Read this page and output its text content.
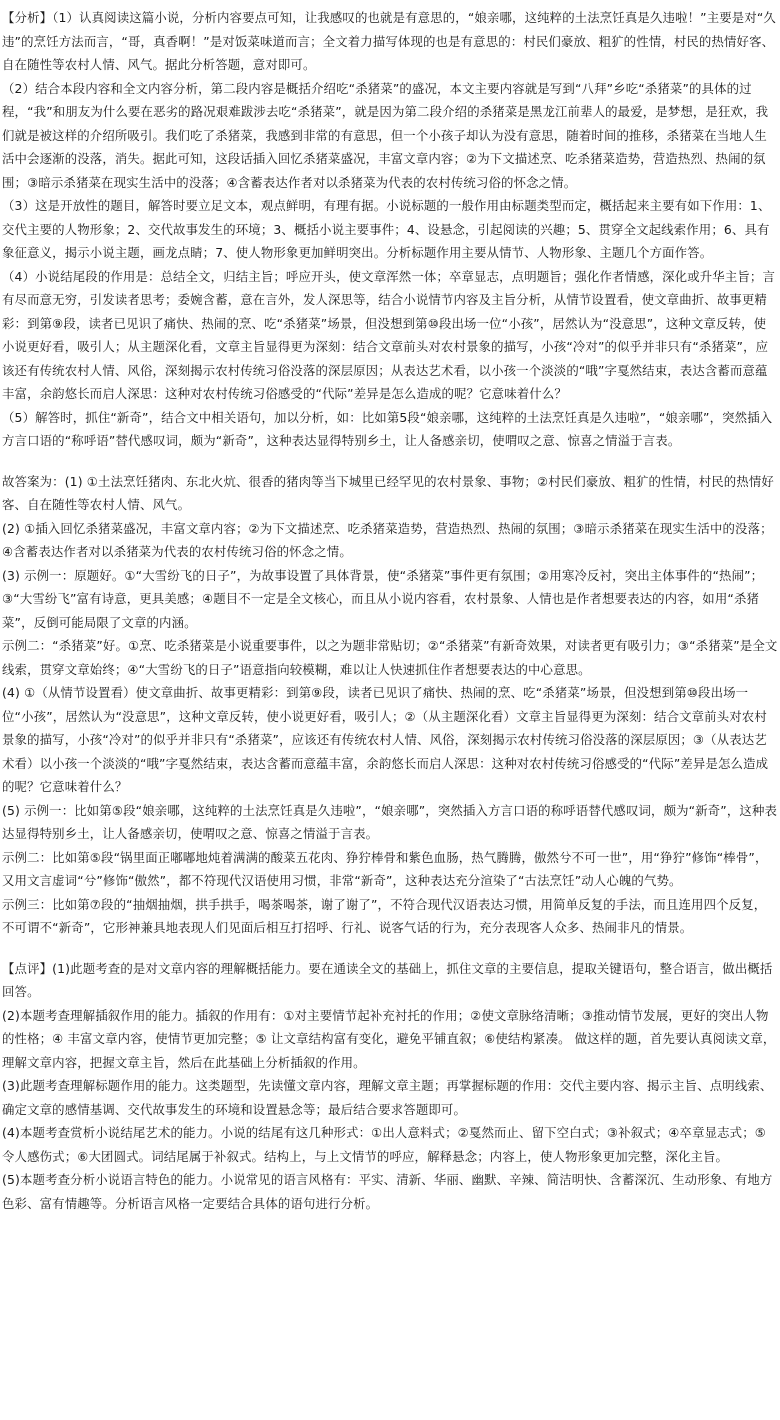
【分析】（1）认真阅读这篇小说，分析内容要点可知，让我感叹的也就是有意思的，“娘亲哪，这纯粹的土法烹饪真是久违啦！”主要是对“久违”的烹饪方法而言，“哥，真香啊！”是对饭菜味道而言；全文着力描写体现的也是有意思的：村民们豪放、粗犷的性情，村民的热情好客、自在随性等农村人情、风气。据此分析答题，意对即可。

（2）结合本段内容和全文内容分析，第二段内容是概括介绍吃“杀猪菜”的盛况，本文主要内容就是写到“八拜”乡吃“杀猪菜”的具体的过程，“我”和朋友为什么要在恶劣的路况艰难跋涉去吃“杀猪菜”，就是因为第二段介绍的杀猪菜是黑龙江前辈人的最爱，是梦想，是狂欢，我们就是被这样的介绍所吸引。我们吃了杀猪菜，我感到非常的有意思，但一个小孩子却认为没有意思，随着时间的推移，杀猪菜在当地人生活中会逐渐的没落，消失。据此可知，这段话插入回忆杀猪菜盛况，丰富文章内容；②为下文描述烹、吃杀猪菜造势，营造热烈、热闹的氛围；③暗示杀猪菜在现实生活中的没落；④含蓄表达作者对以杀猪菜为代表的农村传统习俗的怀念之情。

（3）这是开放性的题目，解答时要立足文本，观点鲜明，有理有据。小说标题的一般作用由标题类型而定，概括起来主要有如下作用：1、交代主要的人物形象；2、交代故事发生的环境；3、概括小说主要事件；4、设悬念，引起阅读的兴趣；5、贯穿全文起线索作用；6、具有象征意义，揭示小说主题，画龙点睛；7、使人物形象更加鲜明突出。分析标题作用主要从情节、人物形象、主题几个方面作答。

（4）小说结尾段的作用是：总结全文，归结主旨；呼应开头，使文章浑然一体；卒章显志，点明题旨；强化作者情感，深化或升华主旨；言有尽而意无穷，引发读者思考；委婉含蓄，意在言外，发人深思等，结合小说情节内容及主旨分析，从情节设置看，使文章曲折、故事更精彩：到第⑨段，读者已见识了痛快、热闹的烹、吃“杀猪菜”场景，但没想到第⑩段出场一位“小孩”，居然认为“没意思”，这种文章反转，使小说更好看，吸引人；从主题深化看，文章主旨显得更为深刻：结合文章前头对农村景象的描写，小孩“冷对”的似乎并非只有“杀猪菜”，应该还有传统农村人情、风俗，深刻揭示农村传统习俗没落的深层原因；从表达艺术看，以小孩一个淡淡的“哦”字戛然结束，表达含蓄而意蕴丰富，余韵悠长而启人深思：这种对农村传统习俗感受的“代际”差异是怎么造成的呢？它意味着什么？

（5）解答时，抓住“新奇”，结合文中相关语句，加以分析，如：比如第5段“娘亲哪，这纯粹的土法烹饪真是久违啦”，“娘亲哪”，突然插入方言口语的“称呼语”替代感叹词，颇为“新奇”，这种表达显得特别乡土，让人备感亲切，使喟叹之意、惊喜之情溢于言表。

故答案为：(1) ①土法烹饪猪肉、东北火炕、很香的猪肉等当下城里已经罕见的农村景象、事物；②村民们豪放、粗犷的性情，村民的热情好客、自在随性等农村人情、风气。

(2) ①插入回忆杀猪菜盛况，丰富文章内容；②为下文描述烹、吃杀猪菜造势，营造热烈、热闹的氛围；③暗示杀猪菜在现实生活中的没落；④含蓄表达作者对以杀猪菜为代表的农村传统习俗的怀念之情。

(3) 示例一：原题好。①“大雪纷飞的日子”，为故事设置了具体背景，使“杀猪菜”事件更有氛围；②用寒冷反衬，突出主体事件的“热闹”；③“大雪纷飞”富有诗意，更具美感；④题目不一定是全文核心，而且从小说内容看，农村景象、人情也是作者想要表达的内容，如用“杀猪菜”，反倒可能局限了文章的内涵。

示例二：“杀猪菜”好。①烹、吃杀猪菜是小说重要事件，以之为题非常贴切；②“杀猪菜”有新奇效果，对读者更有吸引力；③“杀猪菜”是全文线索，贯穿文章始终；④“大雪纷飞的日子”语意指向较模糊，难以让人快速抓住作者想要表达的中心意思。

(4) ①（从情节设置看）使文章曲折、故事更精彩：到第⑨段，读者已见识了痛快、热闹的烹、吃“杀猪菜”场景，但没想到第⑩段出场一位“小孩”，居然认为“没意思”，这种文章反转，使小说更好看，吸引人；②（从主题深化看）文章主旨显得更为深刻：结合文章前头对农村景象的描写，小孩“冷对”的似乎并非只有“杀猪菜”，应该还有传统农村人情、风俗，深刻揭示农村传统习俗没落的深层原因；③（从表达艺术看）以小孩一个淡淡的“哦”字戛然结束，表达含蓄而意蕴丰富，余韵悠长而启人深思：这种对农村传统习俗感受的“代际”差异是怎么造成的呢？它意味着什么？

(5) 示例一：比如第⑤段“娘亲哪，这纯粹的土法烹饪真是久违啦”，“娘亲哪”，突然插入方言口语的称呼语替代感叹词，颇为“新奇”，这种表达显得特别乡土，让人备感亲切，使喟叹之意、惊喜之情溢于言表。

示例二：比如第⑤段“锅里面正嘟嘟地炖着满满的酸菜五花肉、狰狞棒骨和紫色血肠，热气腾腾，傲然兮不可一世”，用“狰狞”修饰“棒骨”，又用文言虚词“兮”修饰“傲然”，都不符现代汉语使用习惯，非常“新奇”，这种表达充分渲染了“古法烹饪”动人心魄的气势。

示例三：比如第⑦段的“抽烟抽烟，拱手拱手，喝茶喝茶，谢了谢了”，不符合现代汉语表达习惯，用简单反复的手法，而且连用四个反复，不可谓不“新奇”，它形神兼具地表现人们见面后相互打招呼、行礼、说客气话的行为，充分表现客人众多、热闹非凡的情景。

【点评】(1)此题考查的是对文章内容的理解概括能力。要在通读全文的基础上，抓住文章的主要信息，提取关键语句，整合语言，做出概括回答。

(2)本题考查理解插叙作用的能力。插叙的作用有：①对主要情节起补充衬托的作用；②使文章脉络清晰；③推动情节发展，更好的突出人物的性格；④ 丰富文章内容，使情节更加完整；⑤ 让文章结构富有变化，避免平铺直叙；⑥使结构紧凑。 做这样的题，首先要认真阅读文章，理解文章内容，把握文章主旨，然后在此基础上分析插叙的作用。

(3)此题考查理解标题作用的能力。这类题型，先读懂文章内容，理解文章主题；再掌握标题的作用：交代主要内容、揭示主旨、点明线索、确定文章的感情基调、交代故事发生的环境和设置悬念等；最后结合要求答题即可。

(4)本题考查赏析小说结尾艺术的能力。小说的结尾有这几种形式：①出人意料式；②戛然而止、留下空白式；③补叙式；④卒章显志式；⑤令人感伤式；⑥大团圆式。词结尾属于补叙式。结构上，与上文情节的呼应，解释悬念；内容上，使人物形象更加完整，深化主旨。

(5)本题考查分析小说语言特色的能力。小说常见的语言风格有：平实、清新、华丽、幽默、辛辣、简洁明快、含蓄深沉、生动形象、有地方色彩、富有情趣等。分析语言风格一定要结合具体的语句进行分析。
